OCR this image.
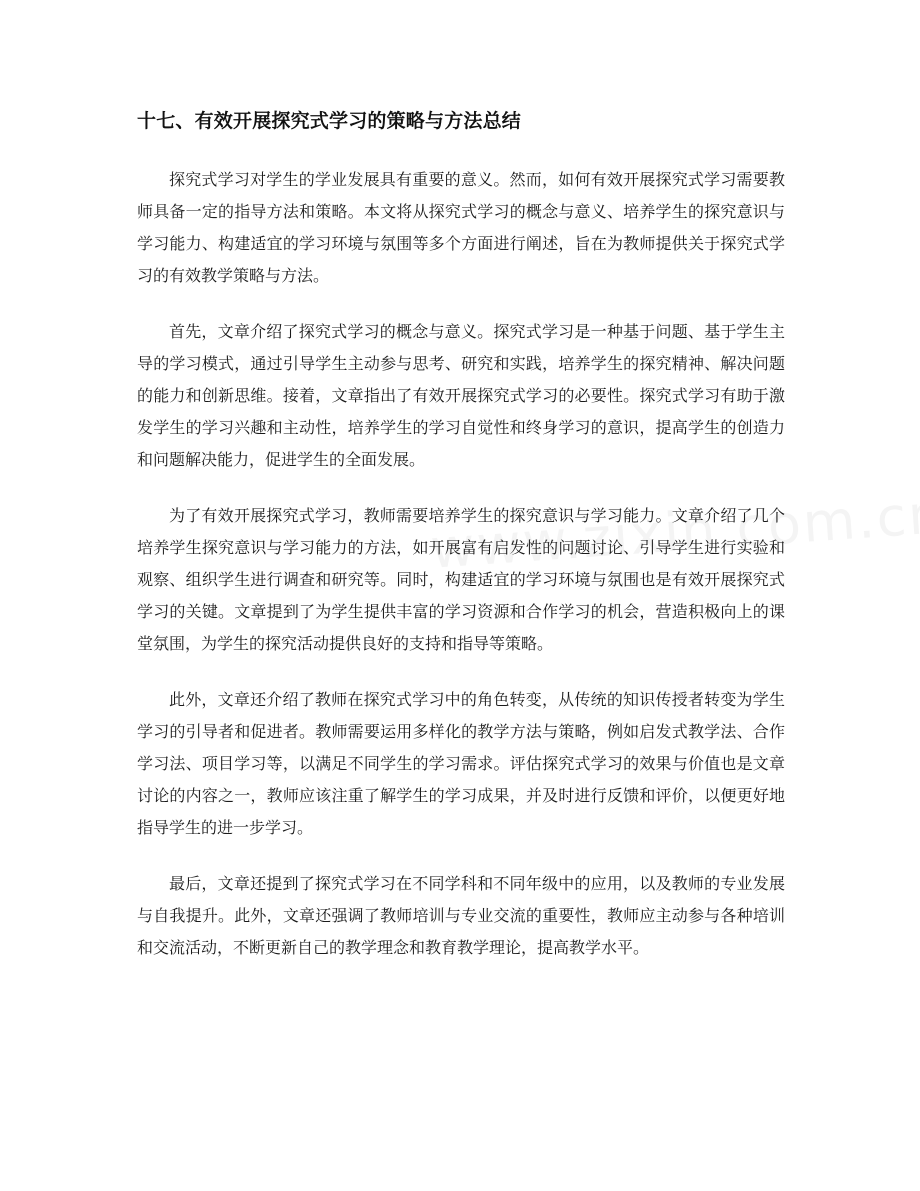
十七、有效开展探究式学习的策略与方法总结

探究式学习对学生的学业发展具有重要的意义。然而，如何有效开展探究式学习需要教师具备一定的指导方法和策略。本文将从探究式学习的概念与意义、培养学生的探究意识与学习能力、构建适宜的学习环境与氛围等多个方面进行阐述，旨在为教师提供关于探究式学习的有效教学策略与方法。

首先，文章介绍了探究式学习的概念与意义。探究式学习是一种基于问题、基于学生主导的学习模式，通过引导学生主动参与思考、研究和实践，培养学生的探究精神、解决问题的能力和创新思维。接着，文章指出了有效开展探究式学习的必要性。探究式学习有助于激发学生的学习兴趣和主动性，培养学生的学习自觉性和终身学习的意识，提高学生的创造力和问题解决能力，促进学生的全面发展。

为了有效开展探究式学习，教师需要培养学生的探究意识与学习能力。文章介绍了几个培养学生探究意识与学习能力的方法，如开展富有启发性的问题讨论、引导学生进行实验和观察、组织学生进行调查和研究等。同时，构建适宜的学习环境与氛围也是有效开展探究式学习的关键。文章提到了为学生提供丰富的学习资源和合作学习的机会，营造积极向上的课堂氛围，为学生的探究活动提供良好的支持和指导等策略。

此外，文章还介绍了教师在探究式学习中的角色转变，从传统的知识传授者转变为学生学习的引导者和促进者。教师需要运用多样化的教学方法与策略，例如启发式教学法、合作学习法、项目学习等，以满足不同学生的学习需求。评估探究式学习的效果与价值也是文章讨论的内容之一，教师应该注重了解学生的学习成果，并及时进行反馈和评价，以便更好地指导学生的进一步学习。

最后，文章还提到了探究式学习在不同学科和不同年级中的应用，以及教师的专业发展与自我提升。此外，文章还强调了教师培训与专业交流的重要性，教师应主动参与各种培训和交流活动，不断更新自己的教学理念和教育教学理论，提高教学水平。
